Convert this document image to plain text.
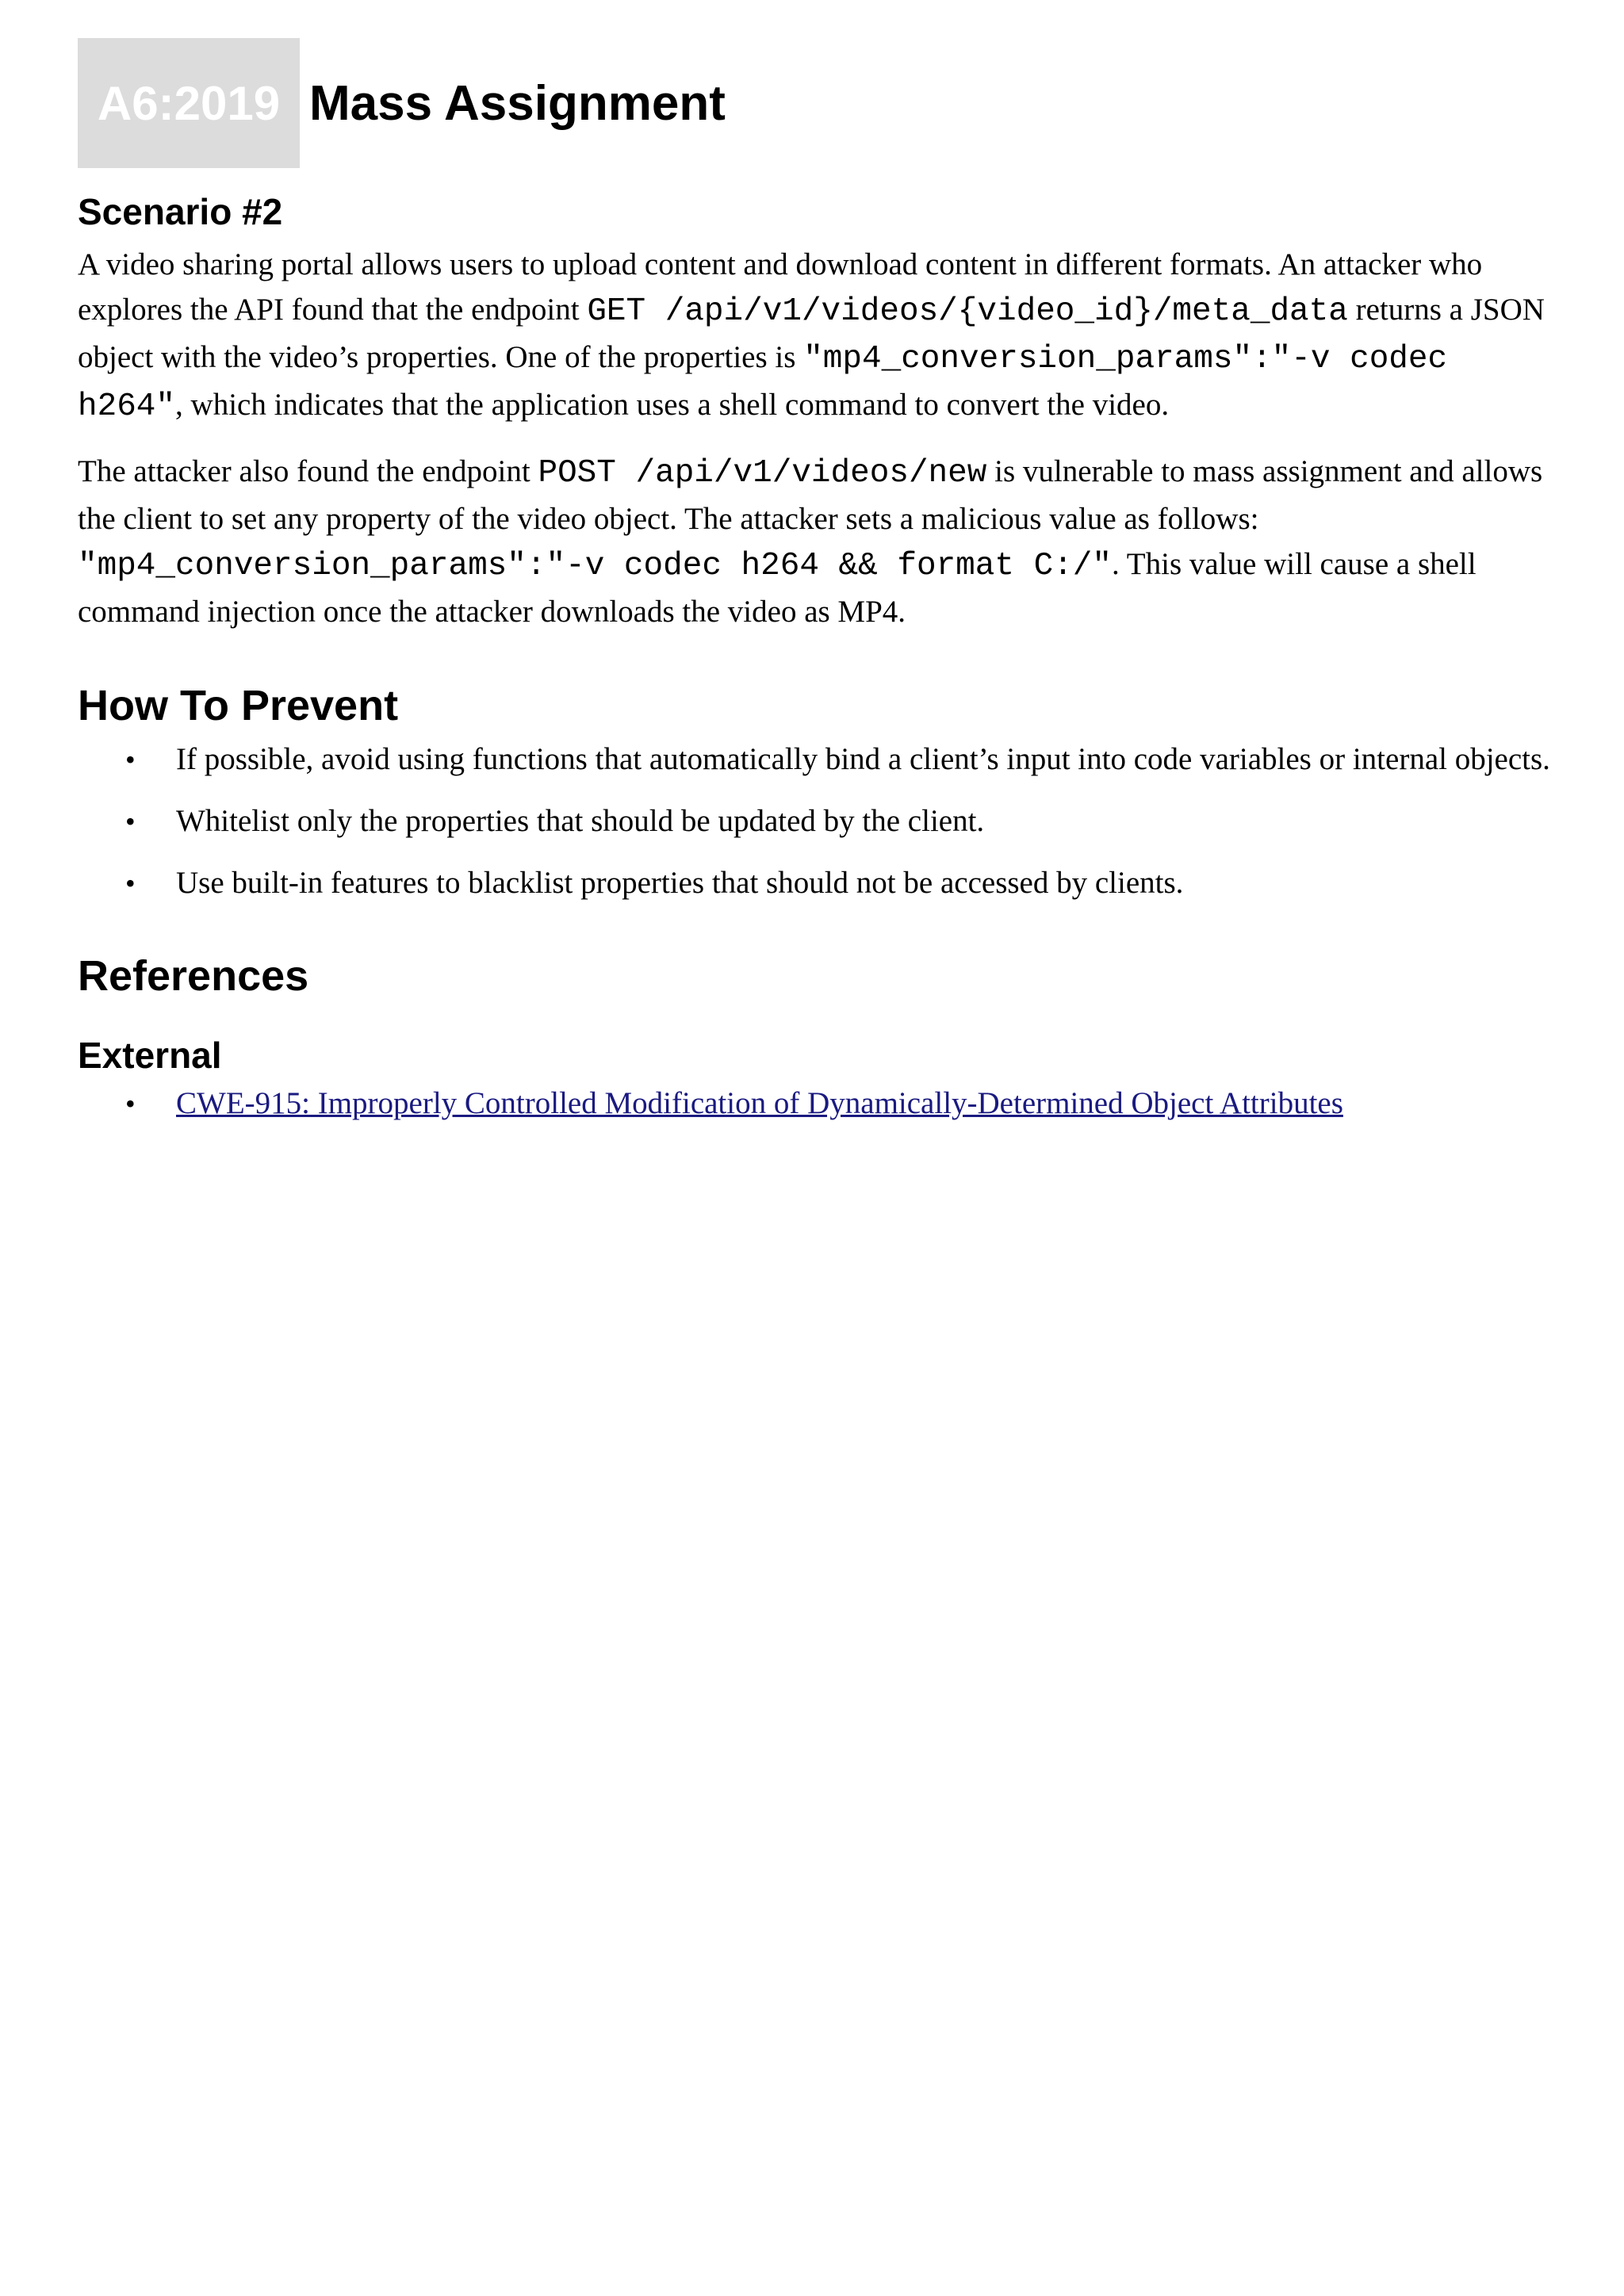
A6:2019 Mass Assignment
Scenario #2

A video sharing portal allows users to upload content and download content in different formats. An attacker who explores the API found that the endpoint GET /api/v1/videos/{video_id}/meta_data returns a JSON object with the video’s properties. One of the properties is "mp4_conversion_params":"-v codec h264", which indicates that the application uses a shell command to convert the video.

The attacker also found the endpoint POST /api/v1/videos/new is vulnerable to mass assignment and allows the client to set any property of the video object. The attacker sets a malicious value as follows: "mp4_conversion_params":"-v codec h264 && format C:/". This value will cause a shell command injection once the attacker downloads the video as MP4.

How To Prevent
• If possible, avoid using functions that automatically bind a client’s input into code variables or internal objects.
• Whitelist only the properties that should be updated by the client.
• Use built-in features to blacklist properties that should not be accessed by clients.
References
External
• CWE-915: Improperly Controlled Modification of Dynamically-Determined Object Attributes
